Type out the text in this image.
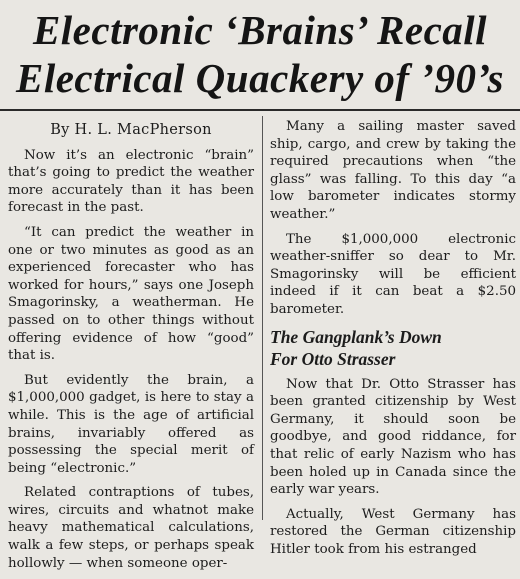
Electronic ‘Brains’ Recall
Electrical Quackery of ’90’s

By H. L. MacPherson

Now it’s an electronic “brain” that’s going to predict the weather more accurately than it has been forecast in the past.

“It can predict the weather in one or two minutes as good as an experienced forecaster who has worked for hours,” says one Joseph Smagorinsky, a weatherman. He passed on to other things without offering evidence of how “good” that is.

But evidently the brain, a $1,000,000 gadget, is here to stay a while. This is the age of artificial brains, invariably offered as possessing the special merit of being “electronic.”

Related contraptions of tubes, wires, circuits and whatnot make heavy mathematical calculations, walk a few steps, or perhaps speak hollowly — when someone oper-

Many a sailing master saved ship, cargo, and crew by taking the required precautions when “the glass” was falling. To this day “a low barometer indicates stormy weather.”

The $1,000,000 electronic weather-sniffer so dear to Mr. Smagorinsky will be efficient indeed if it can beat a $2.50 barometer.

The Gangplank’s Down
For Otto Strasser

Now that Dr. Otto Strasser has been granted citizenship by West Germany, it should soon be goodbye, and good riddance, for that relic of early Nazism who has been holed up in Canada since the early war years.

Actually, West Germany has restored the German citizenship Hitler took from his estranged
